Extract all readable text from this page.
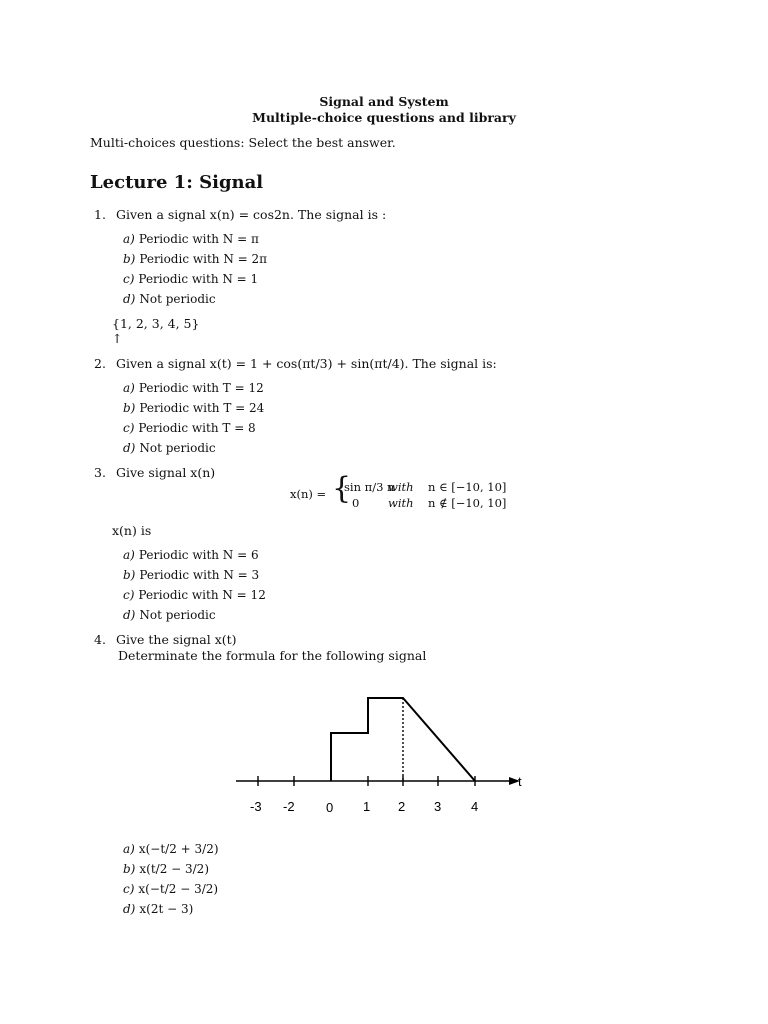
Signal and System
Multiple-choice questions and library
Multi-choices questions: Select the best answer.
Lecture 1: Signal
1. Given a signal x(n) = cos2n. The signal is :
a) Periodic with N = π
b) Periodic with N = 2π
c) Periodic with N = 1
d) Not periodic
{1, 2, 3, 4, 5}
↑
2. Given a signal x(t) = 1 + cos(πt/3) + sin(πt/4). The signal is:
a) Periodic with T = 12
b) Periodic with T = 24
c) Periodic with T = 8
d) Not periodic
3. Give signal x(n)
x(n) = {
sin π/3 nwith n ∈ [−10, 10]
0 with n ∉ [−10, 10]
x(n) is
a) Periodic with N = 6
b) Periodic with N = 3
c) Periodic with N = 12
d) Not periodic
4. Give the signal x(t)
Determinate the formula for the following signal
t
-3 -2 0 1 2 3 4
a) x(−t/2 + 3/2)
b) x(t/2 − 3/2)
c) x(−t/2 − 3/2)
d) x(2t − 3)
